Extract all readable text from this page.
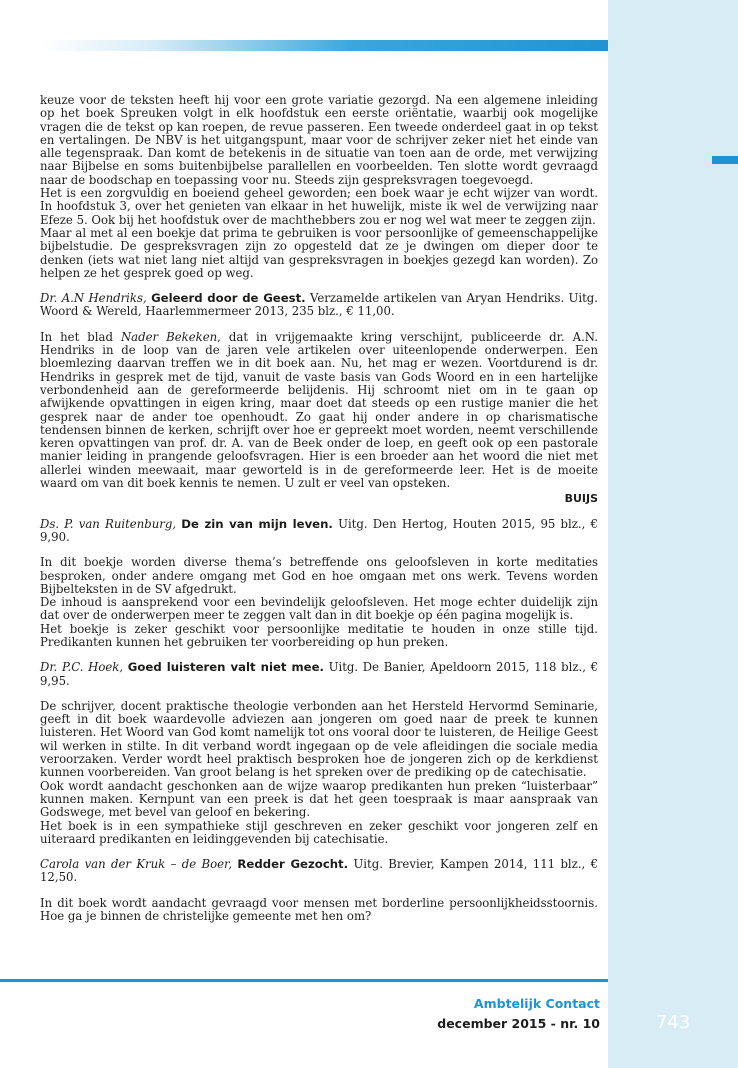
keuze voor de teksten heeft hij voor een grote variatie gezorgd. Na een algemene inleiding op het boek Spreuken volgt in elk hoofdstuk een eerste oriëntatie, waarbij ook mogelijke vragen die de tekst op kan roepen, de revue passeren. Een tweede onderdeel gaat in op tekst en vertalingen. De NBV is het uitgangspunt, maar voor de schrijver zeker niet het einde van alle tegenspraak. Dan komt de betekenis in de situatie van toen aan de orde, met verwijzing naar Bijbelse en soms buitenbijbelse parallellen en voorbeelden. Ten slotte wordt gevraagd naar de boodschap en toepassing voor nu. Steeds zijn gespreksvragen toegevoegd.

Het is een zorgvuldig en boeiend geheel geworden; een boek waar je echt wijzer van wordt. In hoofdstuk 3, over het genieten van elkaar in het huwelijk, miste ik wel de verwijzing naar Efeze 5. Ook bij het hoofdstuk over de machthebbers zou er nog wel wat meer te zeggen zijn.

Maar al met al een boekje dat prima te gebruiken is voor persoonlijke of gemeenschappelijke bijbelstudie. De gespreksvragen zijn zo opgesteld dat ze je dwingen om dieper door te denken (iets wat niet lang niet altijd van gespreksvragen in boekjes gezegd kan worden). Zo helpen ze het gesprek goed op weg.

Dr. A.N Hendriks, Geleerd door de Geest. Verzamelde artikelen van Aryan Hendriks. Uitg. Woord & Wereld, Haarlemmermeer 2013, 235 blz., € 11,00.

In het blad Nader Bekeken, dat in vrijgemaakte kring verschijnt, publiceerde dr. A.N. Hendriks in de loop van de jaren vele artikelen over uiteenlopende onderwerpen. Een bloemlezing daarvan treffen we in dit boek aan. Nu, het mag er wezen. Voortdurend is dr. Hendriks in gesprek met de tijd, vanuit de vaste basis van Gods Woord en in een hartelijke verbondenheid aan de gereformeerde belijdenis. Hij schroomt niet om in te gaan op afwijkende opvattingen in eigen kring, maar doet dat steeds op een rustige manier die het gesprek naar de ander toe openhoudt. Zo gaat hij onder andere in op charismatische tendensen binnen de kerken, schrijft over hoe er gepreekt moet worden, neemt verschillende keren opvattingen van prof. dr. A. van de Beek onder de loep, en geeft ook op een pastorale manier leiding in prangende geloofsvragen. Hier is een broeder aan het woord die niet met allerlei winden meewaait, maar geworteld is in de gereformeerde leer. Het is de moeite waard om van dit boek kennis te nemen. U zult er veel van opsteken.

BUIJS

Ds. P. van Ruitenburg, De zin van mijn leven. Uitg. Den Hertog, Houten 2015, 95 blz., € 9,90.

In dit boekje worden diverse thema’s betreffende ons geloofsleven in korte meditaties besproken, onder andere omgang met God en hoe omgaan met ons werk. Tevens worden Bijbelteksten in de SV afgedrukt.

De inhoud is aansprekend voor een bevindelijk geloofsleven. Het moge echter duidelijk zijn dat over de onderwerpen meer te zeggen valt dan in dit boekje op één pagina mogelijk is.

Het boekje is zeker geschikt voor persoonlijke meditatie te houden in onze stille tijd. Predikanten kunnen het gebruiken ter voorbereiding op hun preken.

Dr. P.C. Hoek, Goed luisteren valt niet mee. Uitg. De Banier, Apeldoorn 2015, 118 blz., € 9,95.

De schrijver, docent praktische theologie verbonden aan het Hersteld Hervormd Seminarie, geeft in dit boek waardevolle adviezen aan jongeren om goed naar de preek te kunnen luisteren. Het Woord van God komt namelijk tot ons vooral door te luisteren, de Heilige Geest wil werken in stilte. In dit verband wordt ingegaan op de vele afleidingen die sociale media veroorzaken. Verder wordt heel praktisch besproken hoe de jongeren zich op de kerkdienst kunnen voorbereiden. Van groot belang is het spreken over de prediking op de catechisatie.

Ook wordt aandacht geschonken aan de wijze waarop predikanten hun preken “luisterbaar” kunnen maken. Kernpunt van een preek is dat het geen toespraak is maar aanspraak van Godswege, met bevel van geloof en bekering.

Het boek is in een sympathieke stijl geschreven en zeker geschikt voor jongeren zelf en uiteraard predikanten en leidinggevenden bij catechisatie.

Carola van der Kruk – de Boer, Redder Gezocht. Uitg. Brevier, Kampen 2014, 111 blz., € 12,50.

In dit boek wordt aandacht gevraagd voor mensen met borderline persoonlijkheidsstoornis. Hoe ga je binnen de christelijke gemeente met hen om?

Ambtelijk Contact
december 2015 - nr. 10	743
